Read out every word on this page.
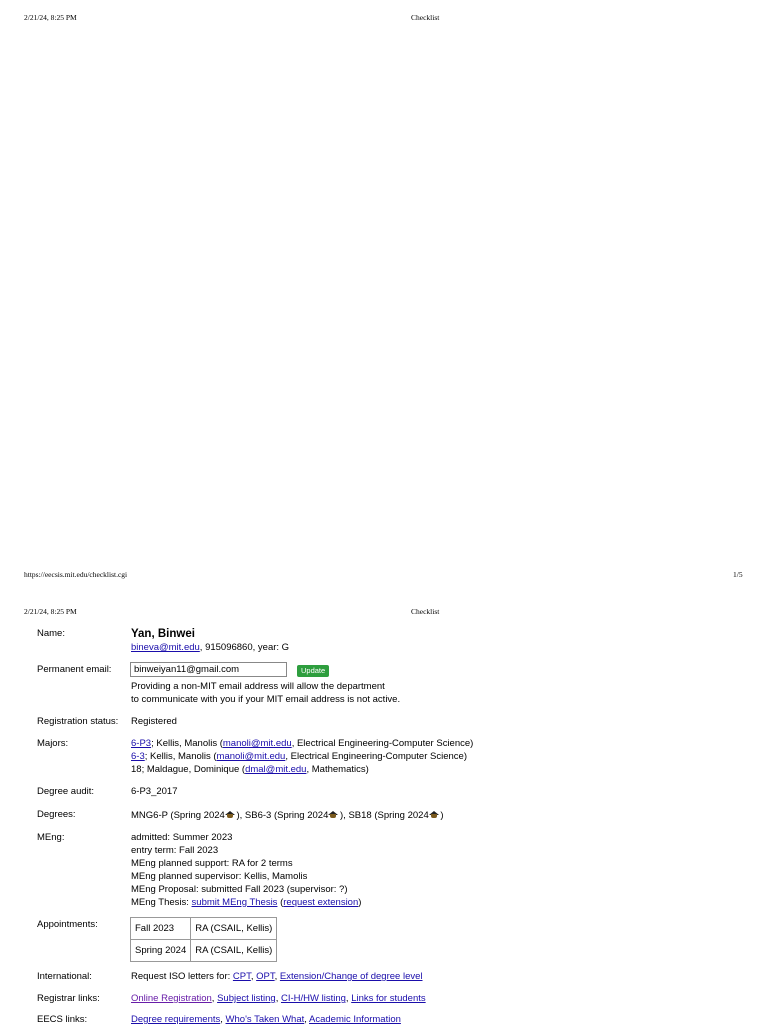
2/21/24, 8:25 PM	Checklist
https://eecsis.mit.edu/checklist.cgi	1/5
2/21/24, 8:25 PM	Checklist
Name:	Yan, Binwei
bineva@mit.edu, 915096860, year: G
Permanent email: binweiyan11@gmail.com	Update
Providing a non-MIT email address will allow the department
to communicate with you if your MIT email address is not active.
Registration status: Registered
Majors:	6-P3; Kellis, Manolis (manoli@mit.edu, Electrical Engineering-Computer Science)
6-3; Kellis, Manolis (manoli@mit.edu, Electrical Engineering-Computer Science)
18; Maldague, Dominique (dmal@mit.edu, Mathematics)
Degree audit:	6-P3_2017
Degrees:	MNG6-P (Spring 2024 ), SB6-3 (Spring 2024 ), SB18 (Spring 2024 )
MEng:	admitted: Summer 2023
entry term: Fall 2023
MEng planned support: RA for 2 terms
MEng planned supervisor: Kellis, Mamolis
MEng Proposal: submitted Fall 2023 (supervisor: ?)
MEng Thesis: submit MEng Thesis (request extension)
Appointments:	Fall 2023	RA (CSAIL, Kellis)
Spring 2024	RA (CSAIL, Kellis)
International:	Request ISO letters for: CPT, OPT, Extension/Change of degree level
Registrar links:	Online Registration, Subject listing, CI-H/HW listing, Links for students
EECS links:	Degree requirements, Who's Taken What, Academic Information
